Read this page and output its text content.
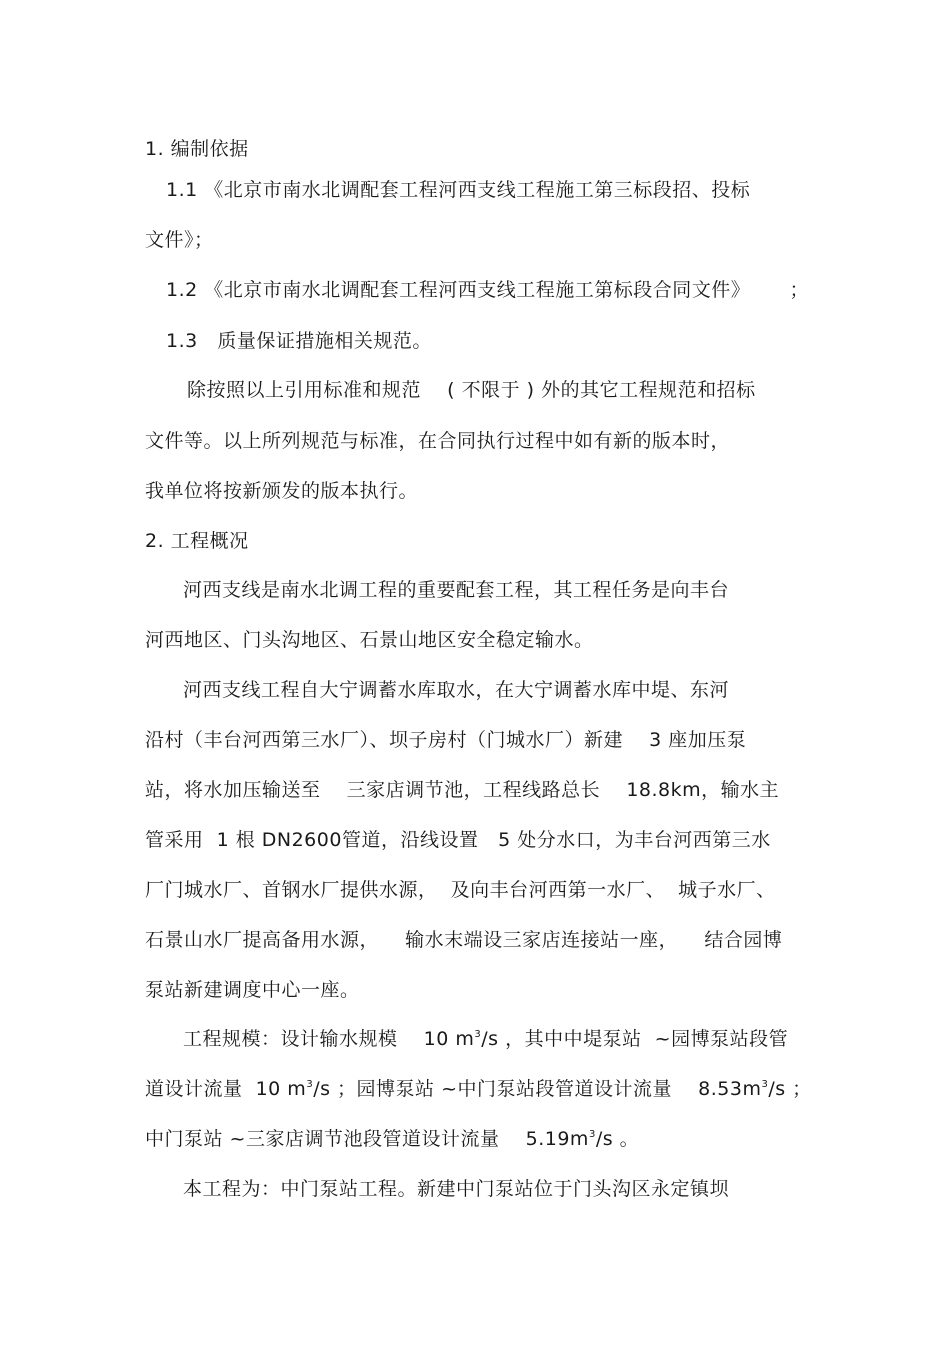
1. 编制依据
1.1 《北京市南水北调配套工程河西支线工程施工第三标段招、投标
文件》；
1.2 《北京市南水北调配套工程河西支线工程施工第标段合同文件》      ；
1.3   质量保证措施相关规范。
除按照以上引用标准和规范    ( 不限于 ) 外的其它工程规范和招标
文件等。以上所列规范与标准，在合同执行过程中如有新的版本时，
我单位将按新颁发的版本执行。
2. 工程概况
河西支线是南水北调工程的重要配套工程，其工程任务是向丰台
河西地区、门头沟地区、石景山地区安全稳定输水。
河西支线工程自大宁调蓄水库取水，在大宁调蓄水库中堤、东河
沿村（丰台河西第三水厂）、坝子房村（门城水厂）新建    3 座加压泵
站，将水加压输送至    三家店调节池，工程线路总长    18.8km，输水主
管采用  1 根 DN2600管道，沿线设置   5 处分水口，为丰台河西第三水
厂门城水厂、首钢水厂提供水源，  及向丰台河西第一水厂、  城子水厂、
石景山水厂提高备用水源，    输水末端设三家店连接站一座，    结合园博
泵站新建调度中心一座。
工程规模：设计输水规模    10 $m^3/s$ ，其中中堤泵站  ~园博泵站段管
道设计流量  10 $m^3/s$ ；园博泵站 ~中门泵站段管道设计流量    $8.53m^3/s$ ；
中门泵站 ~三家店调节池段管道设计流量    $5.19m^3/s$ 。
本工程为：中门泵站工程。新建中门泵站位于门头沟区永定镇坝
